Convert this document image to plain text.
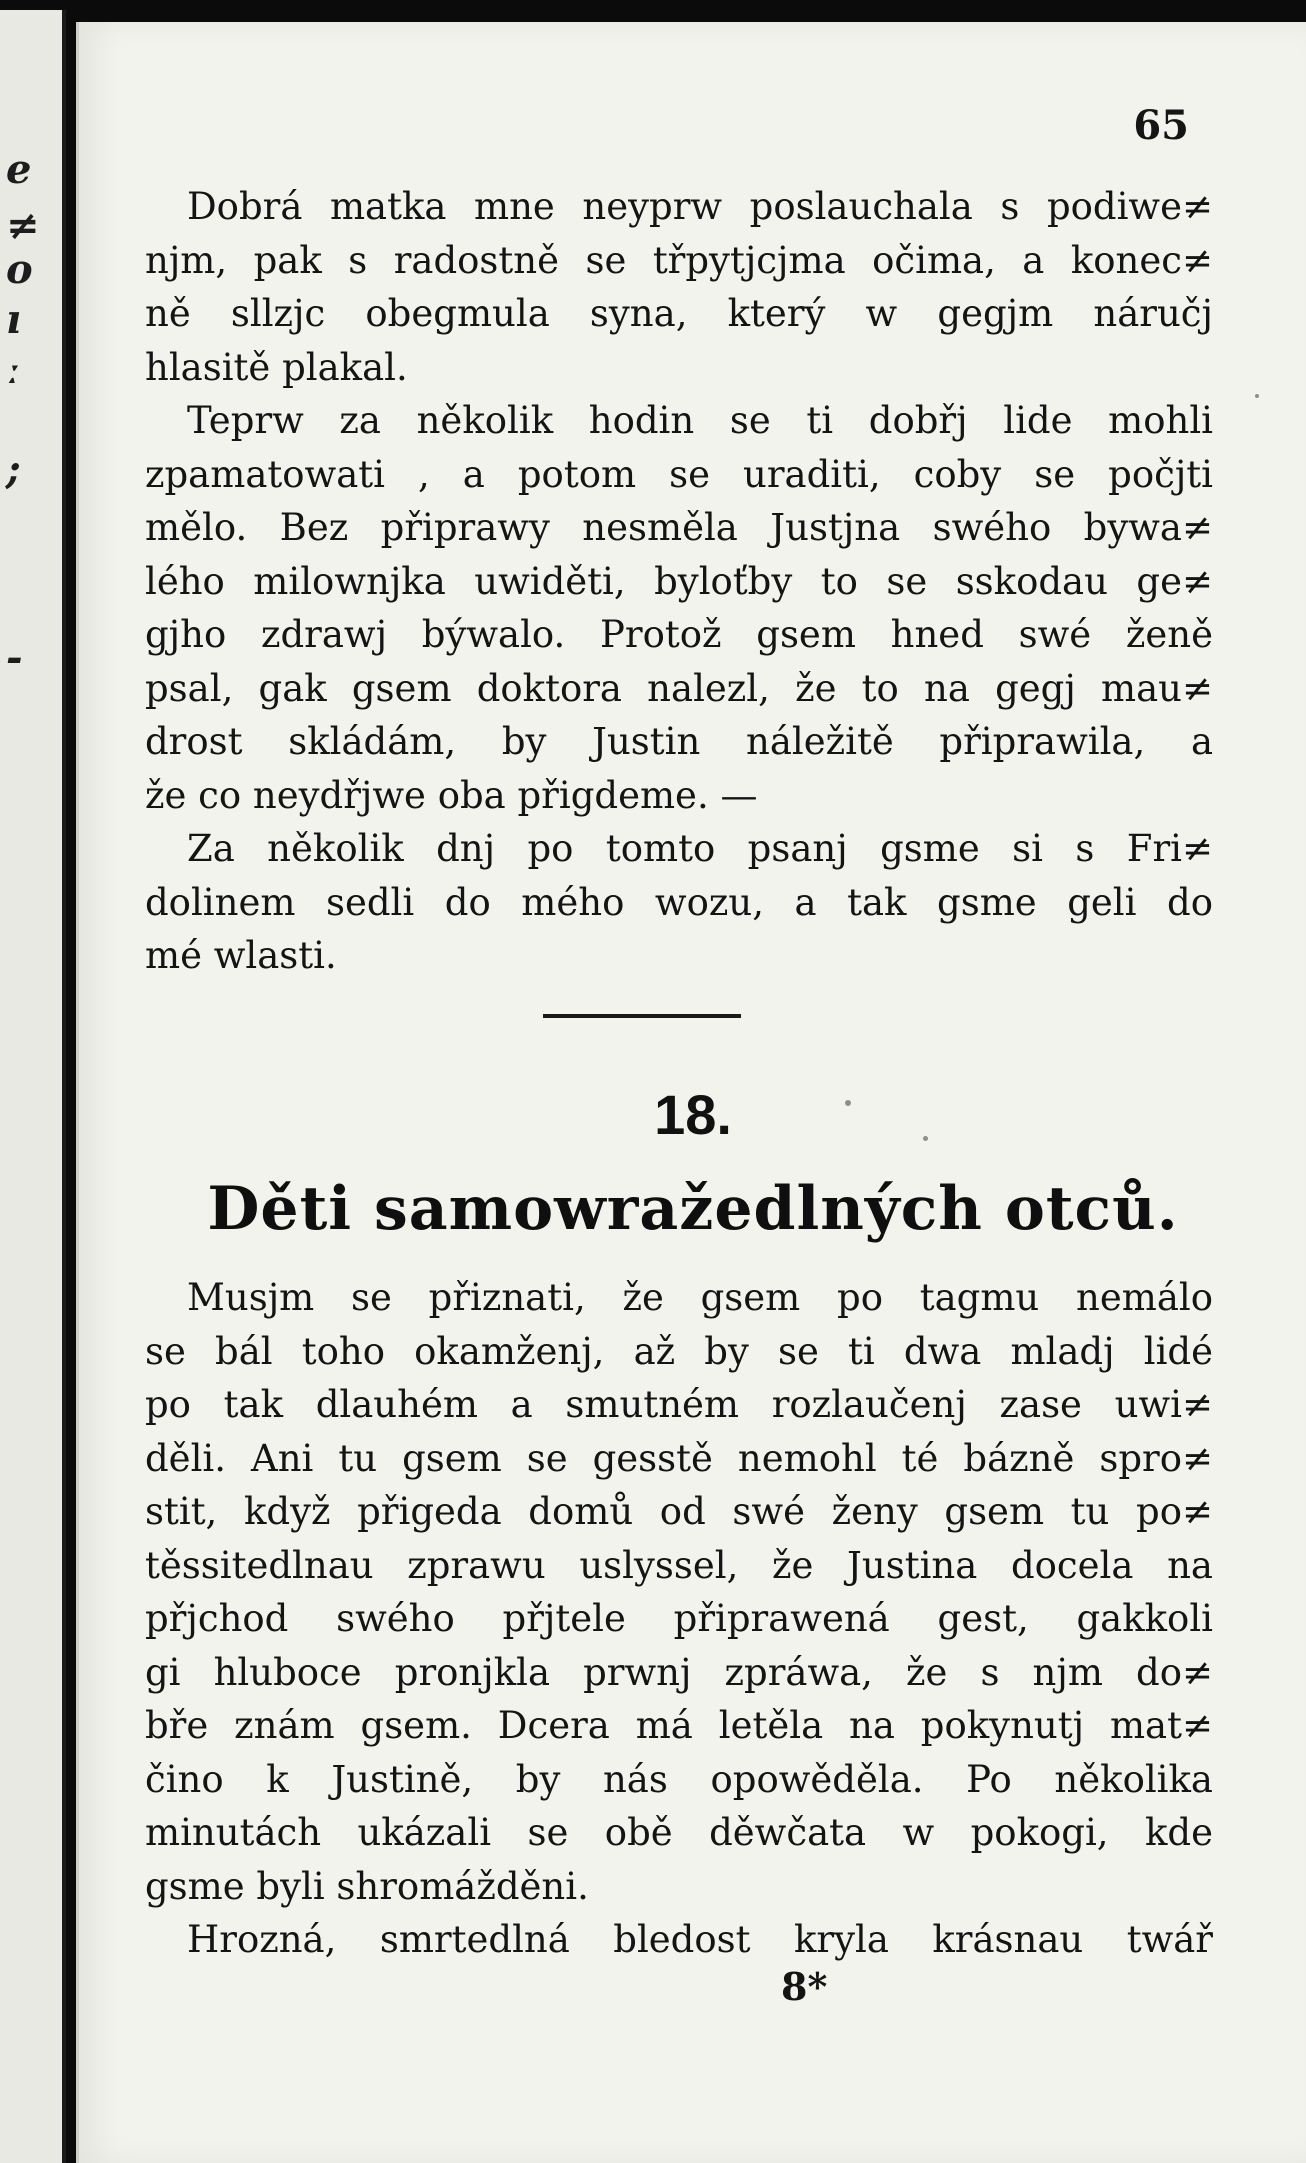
e
≠
o
ı
ː
;
-
65
Dobrá matka mne neyprw poslauchala s podiwe≠
njm, pak s radostně se třpytjcjma očima, a konec≠
ně sllzjc obegmula syna, který w gegjm náručj
hlasitě plakal.
Teprw za několik hodin se ti dobřj lide mohli
zpamatowati , a potom se uraditi, coby se počjti
mělo. Bez připrawy nesměla Justjna swého bywa≠
lého milownjka uwiděti, byloťby to se sskodau ge≠
gjho zdrawj býwalo. Protož gsem hned swé ženě
psal, gak gsem doktora nalezl, že to na gegj mau≠
drost skládám, by Justin náležitě připrawila, a
že co neydřjwe oba přigdeme. —
Za několik dnj po tomto psanj gsme si s Fri≠
dolinem sedli do mého wozu, a tak gsme geli do
mé wlasti.
18.
Děti samowražedlných otců.
Musjm se přiznati, že gsem po tagmu nemálo
se bál toho okamženj, až by se ti dwa mladj lidé
po tak dlauhém a smutném rozlaučenj zase uwi≠
děli. Ani tu gsem se gesstě nemohl té bázně spro≠
stit, když přigeda domů od swé ženy gsem tu po≠
těssitedlnau zprawu uslyssel, že Justina docela na
přjchod swého přjtele připrawená gest, gakkoli
gi hluboce pronjkla prwnj zpráwa, že s njm do≠
bře znám gsem. Dcera má letěla na pokynutj mat≠
čino k Justině, by nás opowěděla. Po několika
minutách ukázali se obě děwčata w pokogi, kde
gsme byli shromážděni.
Hrozná, smrtedlná bledost kryla krásnau twář
8*
